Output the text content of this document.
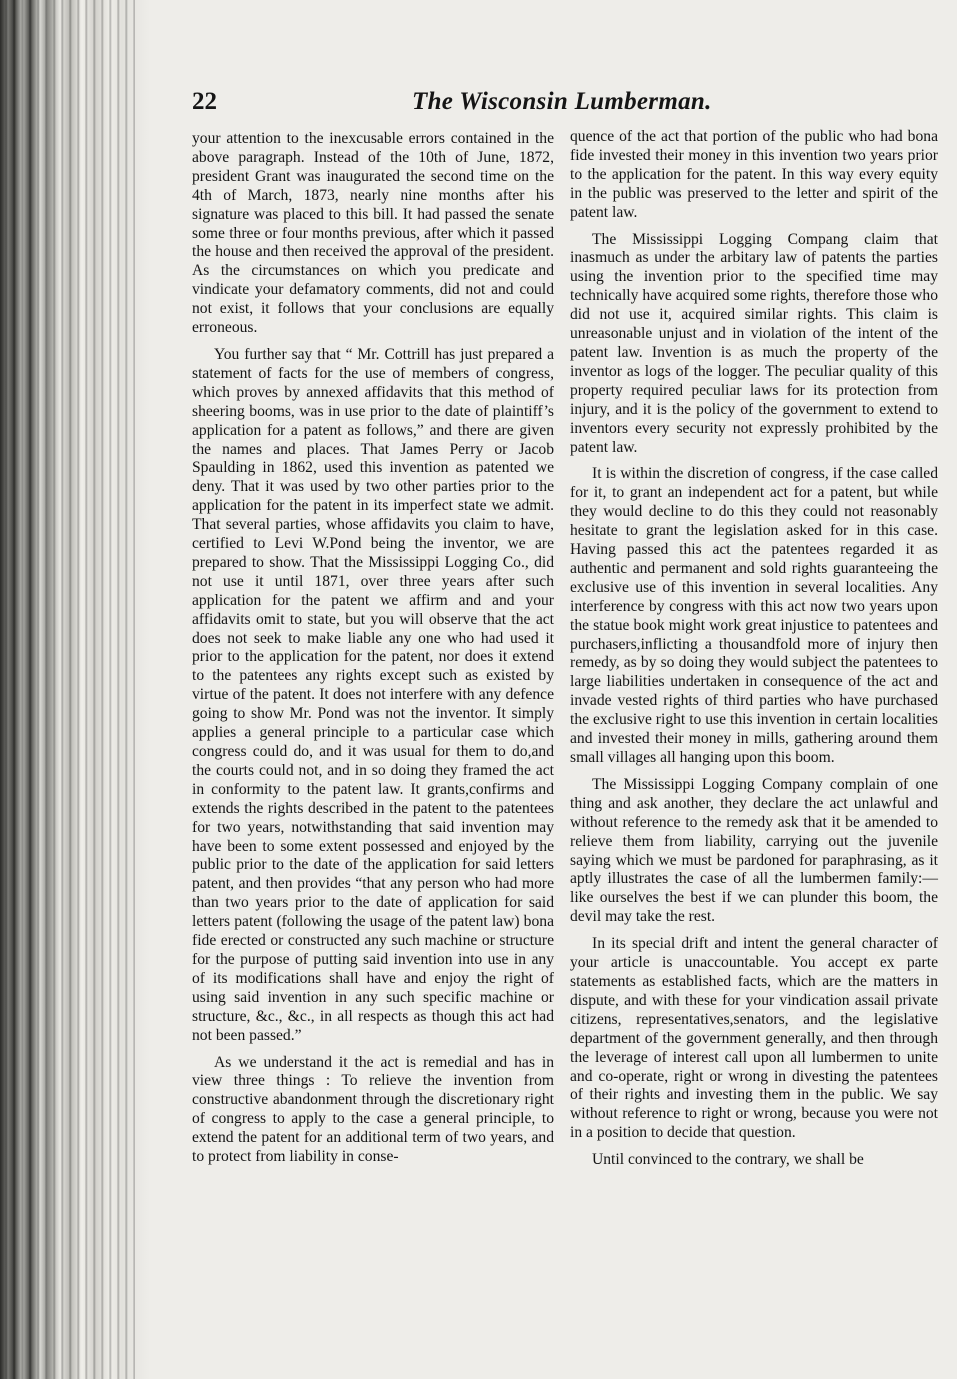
22	The Wisconsin Lumberman.

your attention to the inexcusable errors contained in the above paragraph. Instead of the 10th of June, 1872, president Grant was inaugurated the second time on the 4th of March, 1873, nearly nine months after his signature was placed to this bill. It had passed the senate some three or four months previous, after which it passed the house and then received the approval of the president. As the circumstances on which you predicate and vindicate your defamatory comments, did not and could not exist, it follows that your conclusions are equally erroneous.

You further say that “ Mr. Cottrill has just prepared a statement of facts for the use of members of congress, which proves by annexed affidavits that this method of sheering booms, was in use prior to the date of plaintiff’s application for a patent as follows,” and there are given the names and places. That James Perry or Jacob Spaulding in 1862, used this invention as patented we deny. That it was used by two other parties prior to the application for the patent in its imperfect state we admit. That several parties, whose affidavits you claim to have, certified to Levi W.Pond being the inventor, we are prepared to show. That the Mississippi Logging Co., did not use it until 1871, over three years after such application for the patent we affirm and and your affidavits omit to state, but you will observe that the act does not seek to make liable any one who had used it prior to the application for the patent, nor does it extend to the patentees any rights except such as existed by virtue of the patent. It does not interfere with any defence going to show Mr. Pond was not the inventor. It simply applies a general principle to a particular case which congress could do, and it was usual for them to do,and the courts could not, and in so doing they framed the act in conformity to the patent law. It grants,confirms and extends the rights described in the patent to the patentees for two years, notwithstanding that said invention may have been to some extent possessed and enjoyed by the public prior to the date of the application for said letters patent, and then provides “that any person who had more than two years prior to the date of application for said letters patent (following the usage of the patent law) bona fide erected or constructed any such machine or structure for the purpose of putting said invention into use in any of its modifications shall have and enjoy the right of using said invention in any such specific machine or structure, &c., &c., in all respects as though this act had not been passed.”

As we understand it the act is remedial and has in view three things : To relieve the invention from constructive abandonment through the discretionary right of congress to apply to the case a general principle, to extend the patent for an additional term of two years, and to protect from liability in conse-

quence of the act that portion of the public who had bona fide invested their money in this invention two years prior to the application for the patent. In this way every equity in the public was preserved to the letter and spirit of the patent law.

The Mississippi Logging Compang claim that inasmuch as under the arbitary law of patents the parties using the invention prior to the specified time may technically have acquired some rights, therefore those who did not use it, acquired similar rights. This claim is unreasonable unjust and in violation of the intent of the patent law. Invention is as much the property of the inventor as logs of the logger. The peculiar quality of this property required peculiar laws for its protection from injury, and it is the policy of the government to extend to inventors every security not expressly prohibited by the patent law.

It is within the discretion of congress, if the case called for it, to grant an independent act for a patent, but while they would decline to do this they could not reasonably hesitate to grant the legislation asked for in this case. Having passed this act the patentees regarded it as authentic and permanent and sold rights guaranteeing the exclusive use of this invention in several localities. Any interference by congress with this act now two years upon the statue book might work great injustice to patentees and purchasers,inflicting a thousandfold more of injury then remedy, as by so doing they would subject the patentees to large liabilities undertaken in consequence of the act and invade vested rights of third parties who have purchased the exclusive right to use this invention in certain localities and invested their money in mills, gathering around them small villages all hanging upon this boom.

The Mississippi Logging Company complain of one thing and ask another, they declare the act unlawful and without reference to the remedy ask that it be amended to relieve them from liability, carrying out the juvenile saying which we must be pardoned for paraphrasing, as it aptly illustrates the case of all the lumbermen family:—like ourselves the best if we can plunder this boom, the devil may take the rest.

In its special drift and intent the general character of your article is unaccountable. You accept ex parte statements as established facts, which are the matters in dispute, and with these for your vindication assail private citizens, representatives,senators, and the legislative department of the government generally, and then through the leverage of interest call upon all lumbermen to unite and co-operate, right or wrong in divesting the patentees of their rights and investing them in the public. We say without reference to right or wrong, because you were not in a position to decide that question.

Until convinced to the contrary, we shall be
